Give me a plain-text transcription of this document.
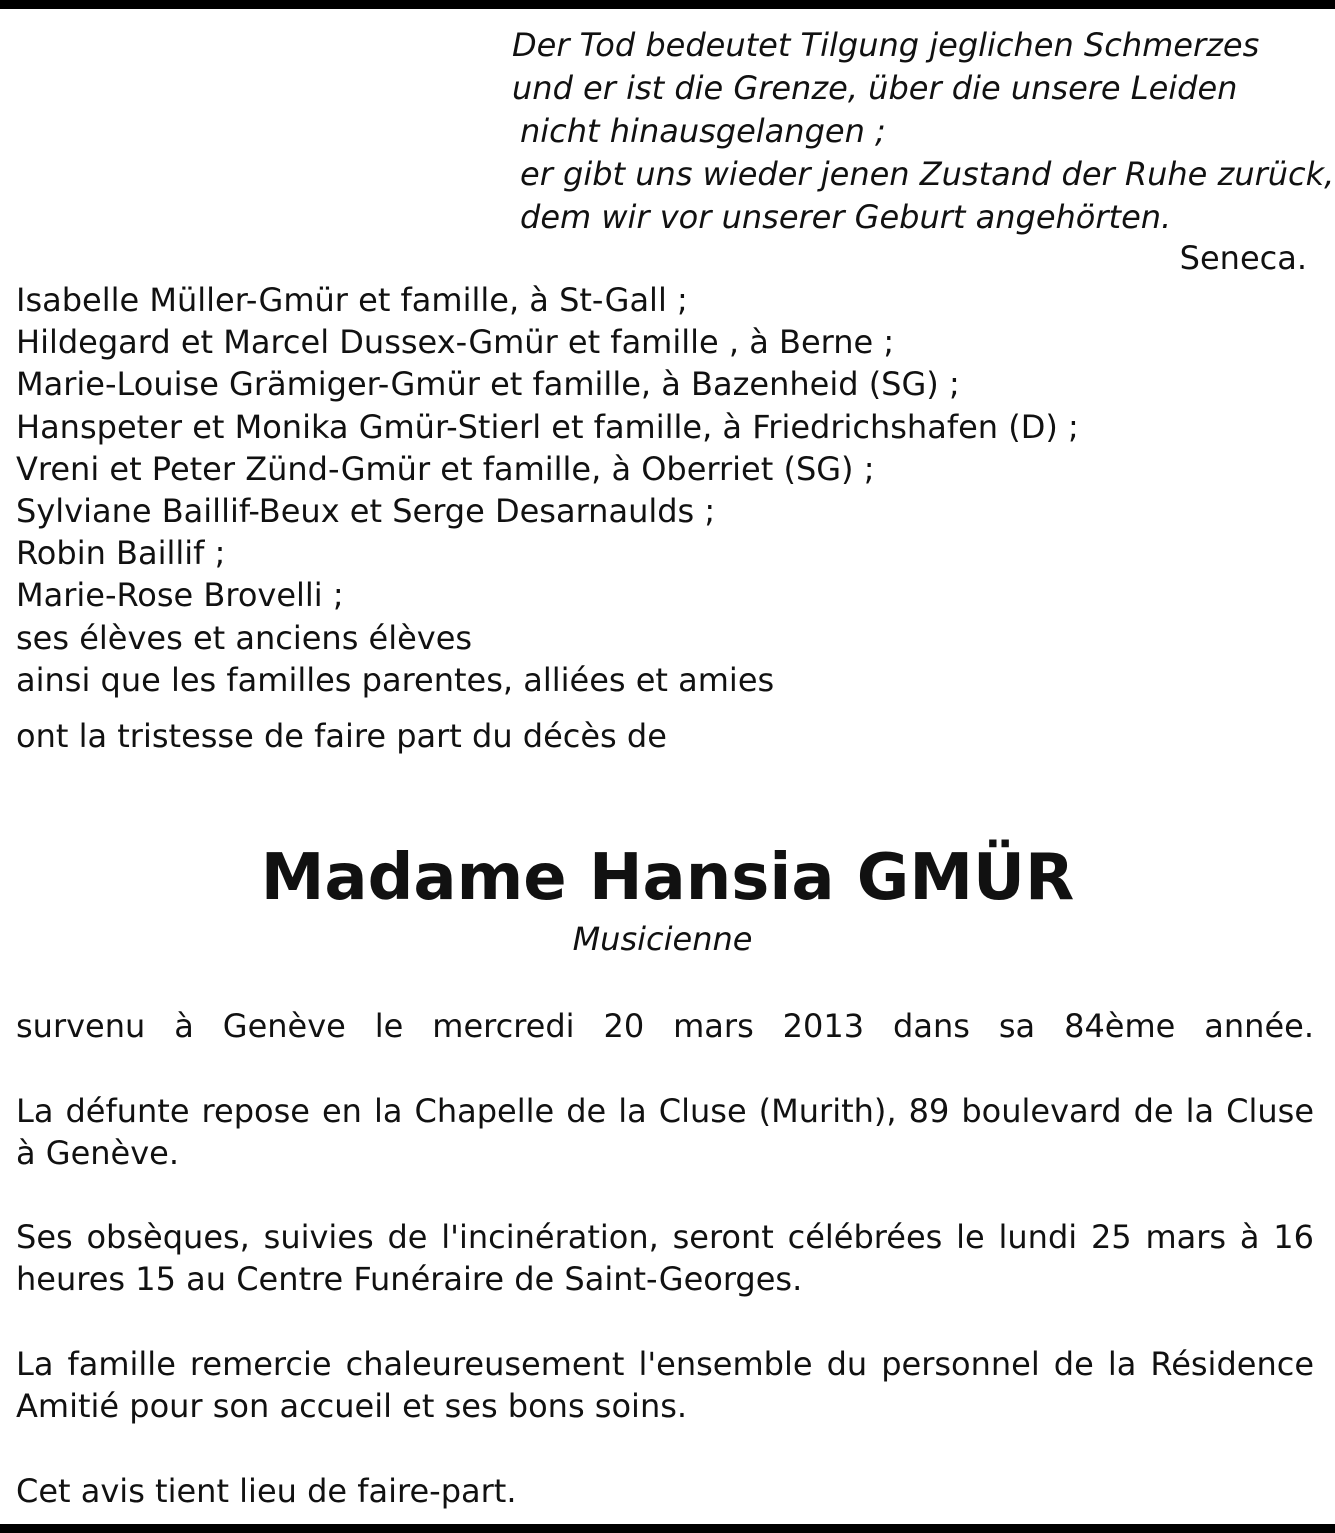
Der Tod bedeutet Tilgung jeglichen Schmerzes
und er ist die Grenze, über die unsere Leiden
nicht hinausgelangen ;
er gibt uns wieder jenen Zustand der Ruhe zurück,
dem wir vor unserer Geburt angehörten.
Seneca.
Isabelle Müller-Gmür et famille, à St-Gall ;
Hildegard et Marcel Dussex-Gmür et famille , à Berne ;
Marie-Louise Grämiger-Gmür et famille, à Bazenheid (SG) ;
Hanspeter et Monika Gmür-Stierl et famille, à Friedrichshafen (D) ;
Vreni et Peter Zünd-Gmür et famille, à Oberriet (SG) ;
Sylviane Baillif-Beux et Serge Desarnaulds ;
Robin Baillif ;
Marie-Rose Brovelli ;
ses élèves et anciens élèves
ainsi que les familles parentes, alliées et amies
ont la tristesse de faire part du décès de
Madame Hansia GMÜR
Musicienne
survenu à Genève le mercredi 20 mars 2013 dans sa 84ème année.
La défunte repose en la Chapelle de la Cluse (Murith), 89 boulevard de la Cluse à Genève.
Ses obsèques, suivies de l'incinération, seront célébrées le lundi 25 mars à 16 heures 15 au Centre Funéraire de Saint-Georges.
La famille remercie chaleureusement l'ensemble du personnel de la Résidence Amitié pour son accueil et ses bons soins.
Cet avis tient lieu de faire-part.
